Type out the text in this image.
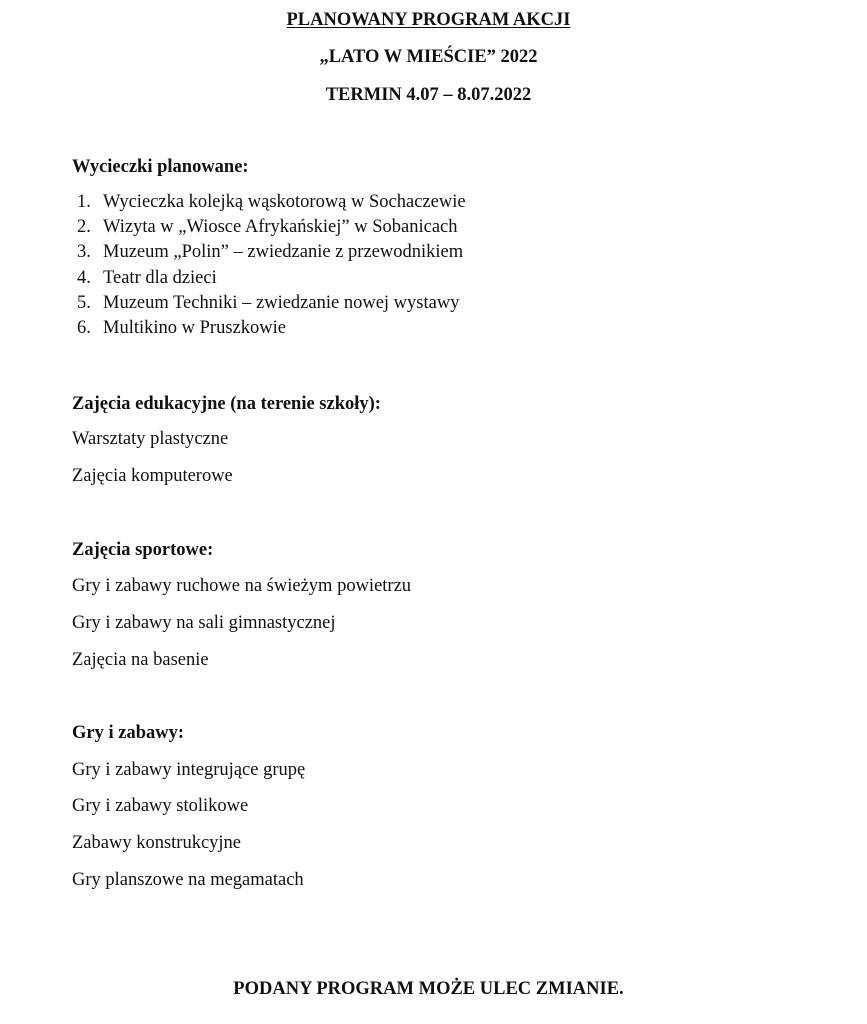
PLANOWANY PROGRAM AKCJI

„LATO W MIEŚCIE” 2022

TERMIN 4.07 – 8.07.2022

Wycieczki planowane:

1. Wycieczka kolejką wąskotorową w Sochaczewie
2. Wizyta w „Wiosce Afrykańskiej” w Sobanicach
3. Muzeum „Polin” – zwiedzanie z przewodnikiem
4. Teatr dla dzieci
5. Muzeum Techniki – zwiedzanie nowej wystawy
6. Multikino w Pruszkowie

Zajęcia edukacyjne (na terenie szkoły):

Warsztaty plastyczne

Zajęcia komputerowe

Zajęcia sportowe:

Gry i zabawy ruchowe na świeżym powietrzu

Gry i zabawy na sali gimnastycznej

Zajęcia na basenie

Gry i zabawy:

Gry i zabawy integrujące grupę

Gry i zabawy stolikowe

Zabawy konstrukcyjne

Gry planszowe na megamatach

PODANY PROGRAM MOŻE ULEC ZMIANIE.
